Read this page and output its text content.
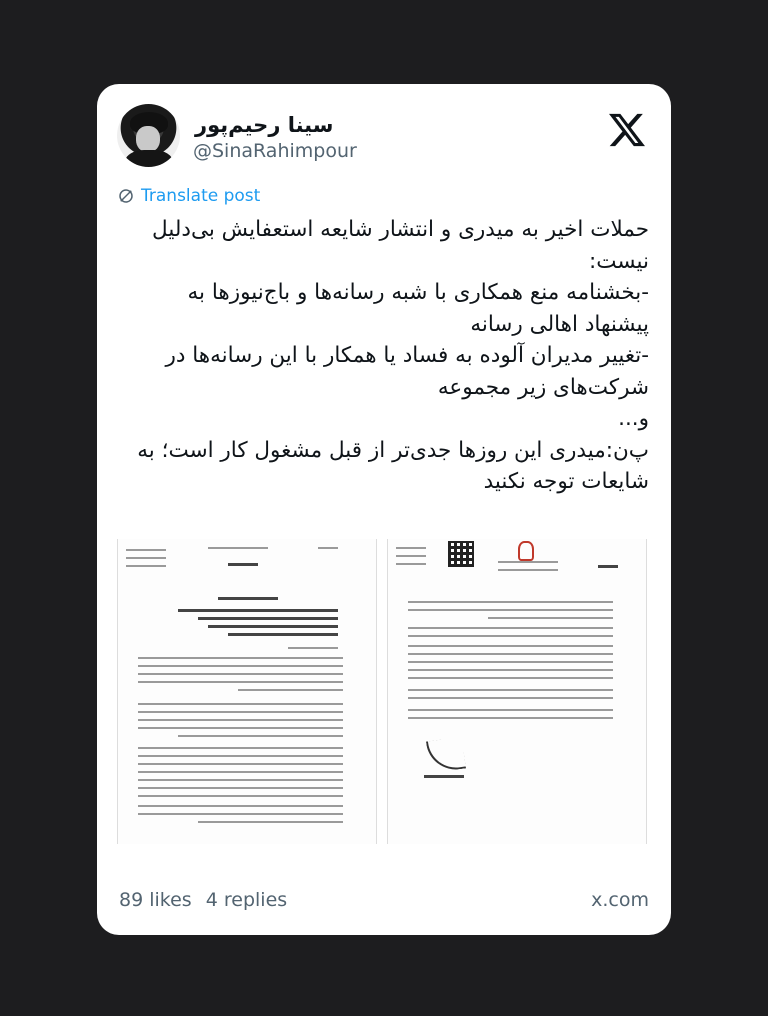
سینا رحیم‌پور
@SinaRahimpour
Translate post
حملات اخیر به میدری و انتشار شایعه استعفایش بی‌دلیل
نیست:
-بخشنامه منع همکاری با شبه رسانه‌ها و باج‌نیوزها به
پیشنهاد اهالی رسانه
-تغییر مدیران آلوده به فساد یا همکار با این رسانه‌ها در
شرکت‌های زیر مجموعه
و...
پ‌ن:میدری این روزها جدی‌تر از قبل مشغول کار است؛ به
شایعات توجه نکنید
89 likes 4 replies	x.com
